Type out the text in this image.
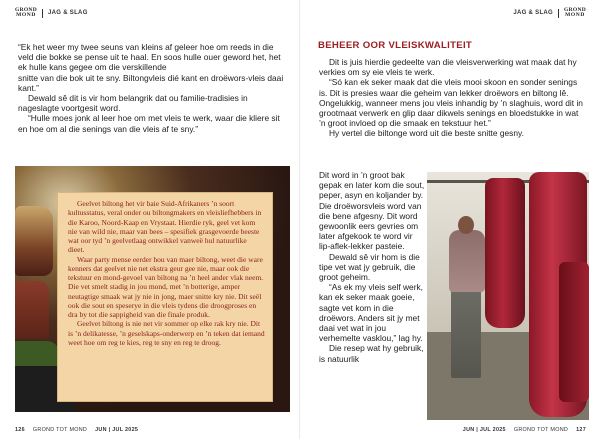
GROND
MOND JAG & SLAG

“Ek het weer my twee seuns van kleins af geleer hoe om reeds in die veld die bokke se pense uit te haal. En soos hulle ouer geword het, het ek hulle kans gegee om die verskillende

snitte van die bok uit te sny. Biltongvleis dié kant en droëwors-vleis daai kant.”

Dewald sê dit is vir hom belangrik dat ou familie-tradisies in nageslagte voortgesit word.

“Hulle moes jonk al leer hoe om met vleis te werk, waar die kliere sit en hoe om al die senings van die vleis af te sny.”

Geelvet biltong het vir baie Suid-Afrikaners ’n soort kultusstatus, veral onder ou biltongmakers en vleisliefhebbers in die Karoo, Noord-Kaap en Vrystaat. Hierdie ryk, geel vet kom nie van wild nie, maar van bees – spesifiek grasgevoerde beeste wat oor tyd ’n geelvetlaag ontwikkel vanweë hul natuurlike dieet.

Waar party mense eerder hou van maer biltong, weet die ware kenners dat geelvet nie net ekstra geur gee nie, maar ook die tekstuur en mond-gevoel van biltong na ’n heel ander vlak neem. Die vet smelt stadig in jou mond, met ’n botterige, amper neutagtige smaak wat jy nie in jong, maer snitte kry nie. Dit seël ook die sout en speserye in die vleis tydens die droogproses en dra by tot die sappigheid van die finale produk.

Geelvet biltong is nie net vir sommer op elke rak kry nie. Dit is ’n delikatesse, ’n geselskaps-onderwerp en ’n teken dat iemand weet hoe om reg te kies, reg te sny en reg te droog.

126 GROND TOT MOND JUN | JUL 2025
JAG & SLAG GROND
MOND
BEHEER OOR VLEISKWALITEIT

Dit is juis hierdie gedeelte van die vleisverwerking wat maak dat hy verkies om sy eie vleis te werk.

“Só kan ek seker maak dat die vleis mooi skoon en sonder senings is. Dit is presies waar die geheim van lekker droëwors en biltong lê. Ongelukkig, wanneer mens jou vleis inhandig by ’n slaghuis, word dit in grootmaat verwerk en glip daar dikwels senings en bloedstukke in wat ’n groot invloed op die smaak en tekstuur het.”

Hy vertel die biltonge word uit die beste snitte gesny.

Dit word in ’n groot bak gepak en later kom die sout, peper, asyn en koljander by. Die droëworsvleis word van die bene afgesny. Dit word gewoonlik eers gevries om later afgekook te word vir lip-aflek-lekker pasteie.

Dewald sê vir hom is die tipe vet wat jy gebruik, die groot geheim.

“As ek my vleis self werk, kan ek seker maak goeie, sagte vet kom in die droëwors. Anders sit jy met daai vet wat in jou verhemelte vasklou,” lag hy.

Die resep wat hy gebruik, is natuurlik

JUN | JUL 2025 GROND TOT MOND 127
